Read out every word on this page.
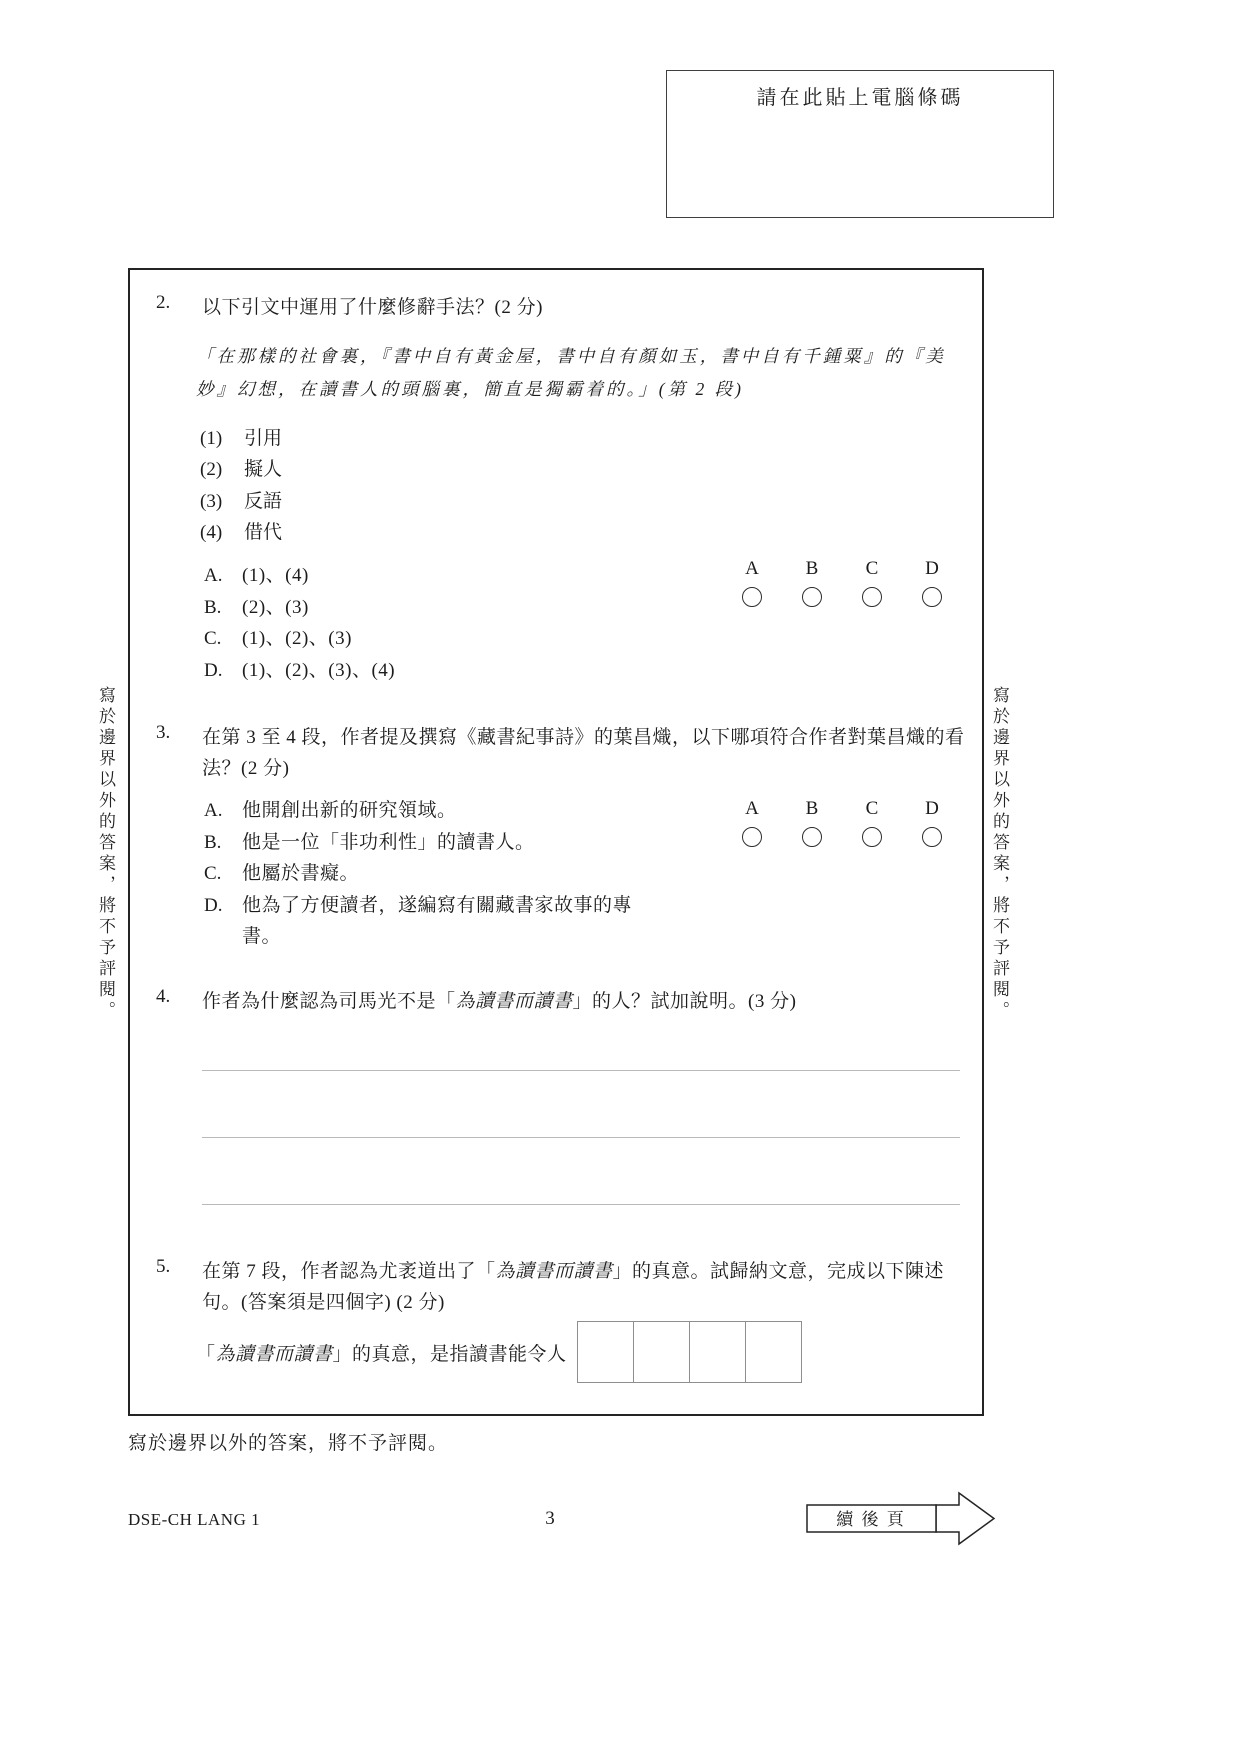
請在此貼上電腦條碼
寫於邊界以外的答案，將不予評閱。	寫於邊界以外的答案，將不予評閱。
2. 以下引文中運用了什麼修辭手法？(2 分)
「在那樣的社會裏，『書中自有黃金屋，書中自有顏如玉，書中自有千鍾粟』的『美妙』幻想，在讀書人的頭腦裏，簡直是獨霸着的。」(第 2 段)
(1) 引用
(2) 擬人
(3) 反語
(4) 借代
A. (1)、(4)
B. (2)、(3)
C. (1)、(2)、(3)
D. (1)、(2)、(3)、(4)
A	B	C	D
3. 在第 3 至 4 段，作者提及撰寫《藏書紀事詩》的葉昌熾，以下哪項符合作者對葉昌熾的看法？(2 分)
A. 他開創出新的研究領域。
B. 他是一位「非功利性」的讀書人。
C. 他屬於書癡。
D. 他為了方便讀者，遂編寫有關藏書家故事的專書。
A	B	C	D
4. 作者為什麼認為司馬光不是「為讀書而讀書」的人？試加說明。(3 分)
5. 在第 7 段，作者認為尤袤道出了「為讀書而讀書」的真意。試歸納文意，完成以下陳述句。(答案須是四個字) (2 分)
「為讀書而讀書」的真意，是指讀書能令人
寫於邊界以外的答案，將不予評閱。
DSE-CH LANG 1	3	續 後 頁
